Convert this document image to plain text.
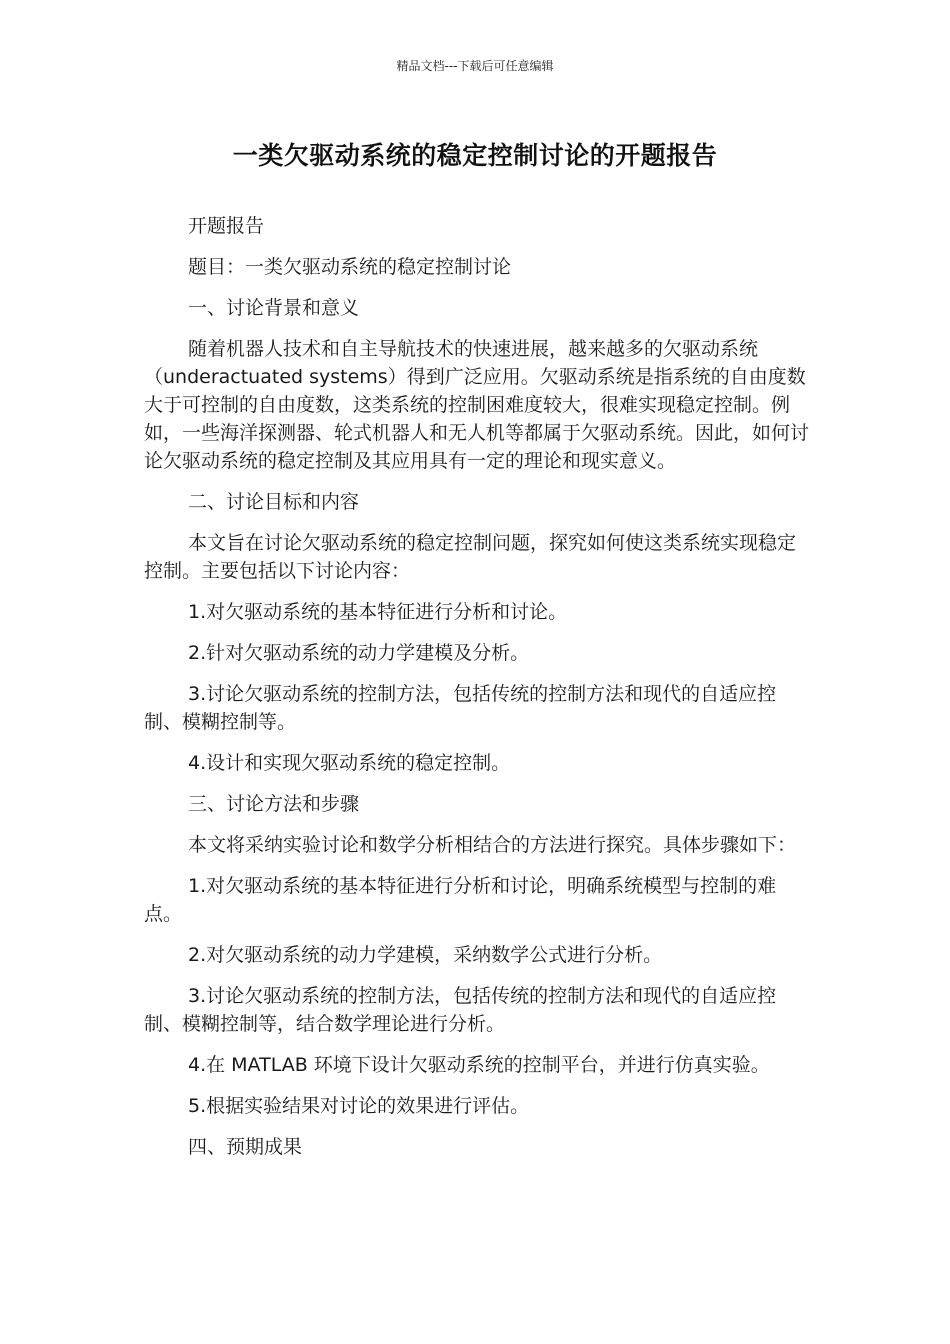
精品文档---下载后可任意编辑
一类欠驱动系统的稳定控制讨论的开题报告

开题报告

题目：一类欠驱动系统的稳定控制讨论

一、讨论背景和意义

随着机器人技术和自主导航技术的快速进展，越来越多的欠驱动系统（underactuated systems）得到广泛应用。欠驱动系统是指系统的自由度数大于可控制的自由度数，这类系统的控制困难度较大，很难实现稳定控制。例如，一些海洋探测器、轮式机器人和无人机等都属于欠驱动系统。因此，如何讨论欠驱动系统的稳定控制及其应用具有一定的理论和现实意义。

二、讨论目标和内容

本文旨在讨论欠驱动系统的稳定控制问题，探究如何使这类系统实现稳定控制。主要包括以下讨论内容：

1.对欠驱动系统的基本特征进行分析和讨论。

2.针对欠驱动系统的动力学建模及分析。

3.讨论欠驱动系统的控制方法，包括传统的控制方法和现代的自适应控制、模糊控制等。

4.设计和实现欠驱动系统的稳定控制。

三、讨论方法和步骤

本文将采纳实验讨论和数学分析相结合的方法进行探究。具体步骤如下：

1.对欠驱动系统的基本特征进行分析和讨论，明确系统模型与控制的难点。

2.对欠驱动系统的动力学建模，采纳数学公式进行分析。

3.讨论欠驱动系统的控制方法，包括传统的控制方法和现代的自适应控制、模糊控制等，结合数学理论进行分析。

4.在 MATLAB 环境下设计欠驱动系统的控制平台，并进行仿真实验。

5.根据实验结果对讨论的效果进行评估。

四、预期成果
